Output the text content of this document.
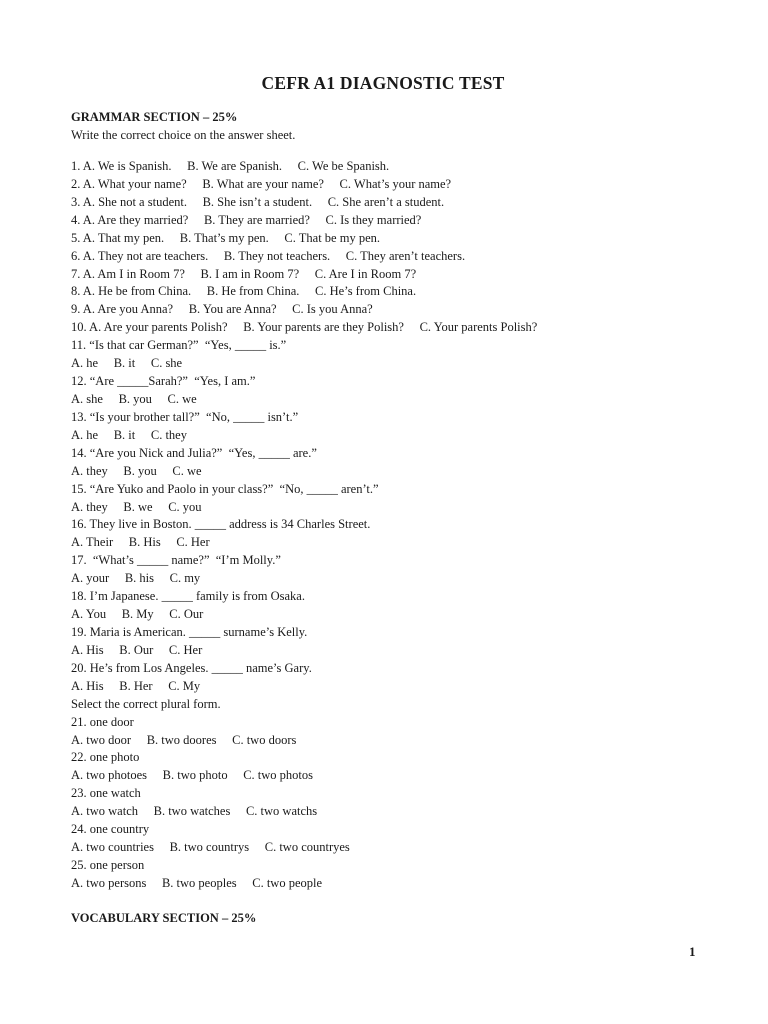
CEFR A1 DIAGNOSTIC TEST
GRAMMAR SECTION – 25%
Write the correct choice on the answer sheet.
1. A. We is Spanish.     B. We are Spanish.     C. We be Spanish.
2. A. What your name?     B. What are your name?     C. What’s your name?
3. A. She not a student.     B. She isn’t a student.     C. She aren’t a student.
4. A. Are they married?     B. They are married?     C. Is they married?
5. A. That my pen.     B. That’s my pen.     C. That be my pen.
6. A. They not are teachers.     B. They not teachers.     C. They aren’t teachers.
7. A. Am I in Room 7?     B. I am in Room 7?     C. Are I in Room 7?
8. A. He be from China.     B. He from China.     C. He’s from China.
9. A. Are you Anna?     B. You are Anna?     C. Is you Anna?
10. A. Are your parents Polish?     B. Your parents are they Polish?     C. Your parents Polish?
11. “Is that car German?”  “Yes, _____ is.”
A. he     B. it     C. she
12. “Are _____Sarah?”  “Yes, I am.”
A. she     B. you     C. we
13. “Is your brother tall?”  “No, _____ isn’t.”
A. he     B. it     C. they
14. “Are you Nick and Julia?”  “Yes, _____ are.”
A. they     B. you     C. we
15. “Are Yuko and Paolo in your class?”  “No, _____ aren’t.”
A. they     B. we     C. you
16. They live in Boston. _____ address is 34 Charles Street.
A. Their     B. His     C. Her
17.  “What’s _____ name?”  “I’m Molly.”
A. your     B. his     C. my
18. I’m Japanese. _____ family is from Osaka.
A. You     B. My     C. Our
19. Maria is American. _____ surname’s Kelly.
A. His     B. Our     C. Her
20. He’s from Los Angeles. _____ name’s Gary.
A. His     B. Her     C. My
Select the correct plural form.
21. one door
A. two door     B. two doores     C. two doors
22. one photo
A. two photoes     B. two photo     C. two photos
23. one watch
A. two watch     B. two watches     C. two watchs
24. one country
A. two countries     B. two countrys     C. two countryes
25. one person
A. two persons     B. two peoples     C. two people
VOCABULARY SECTION – 25%
1
